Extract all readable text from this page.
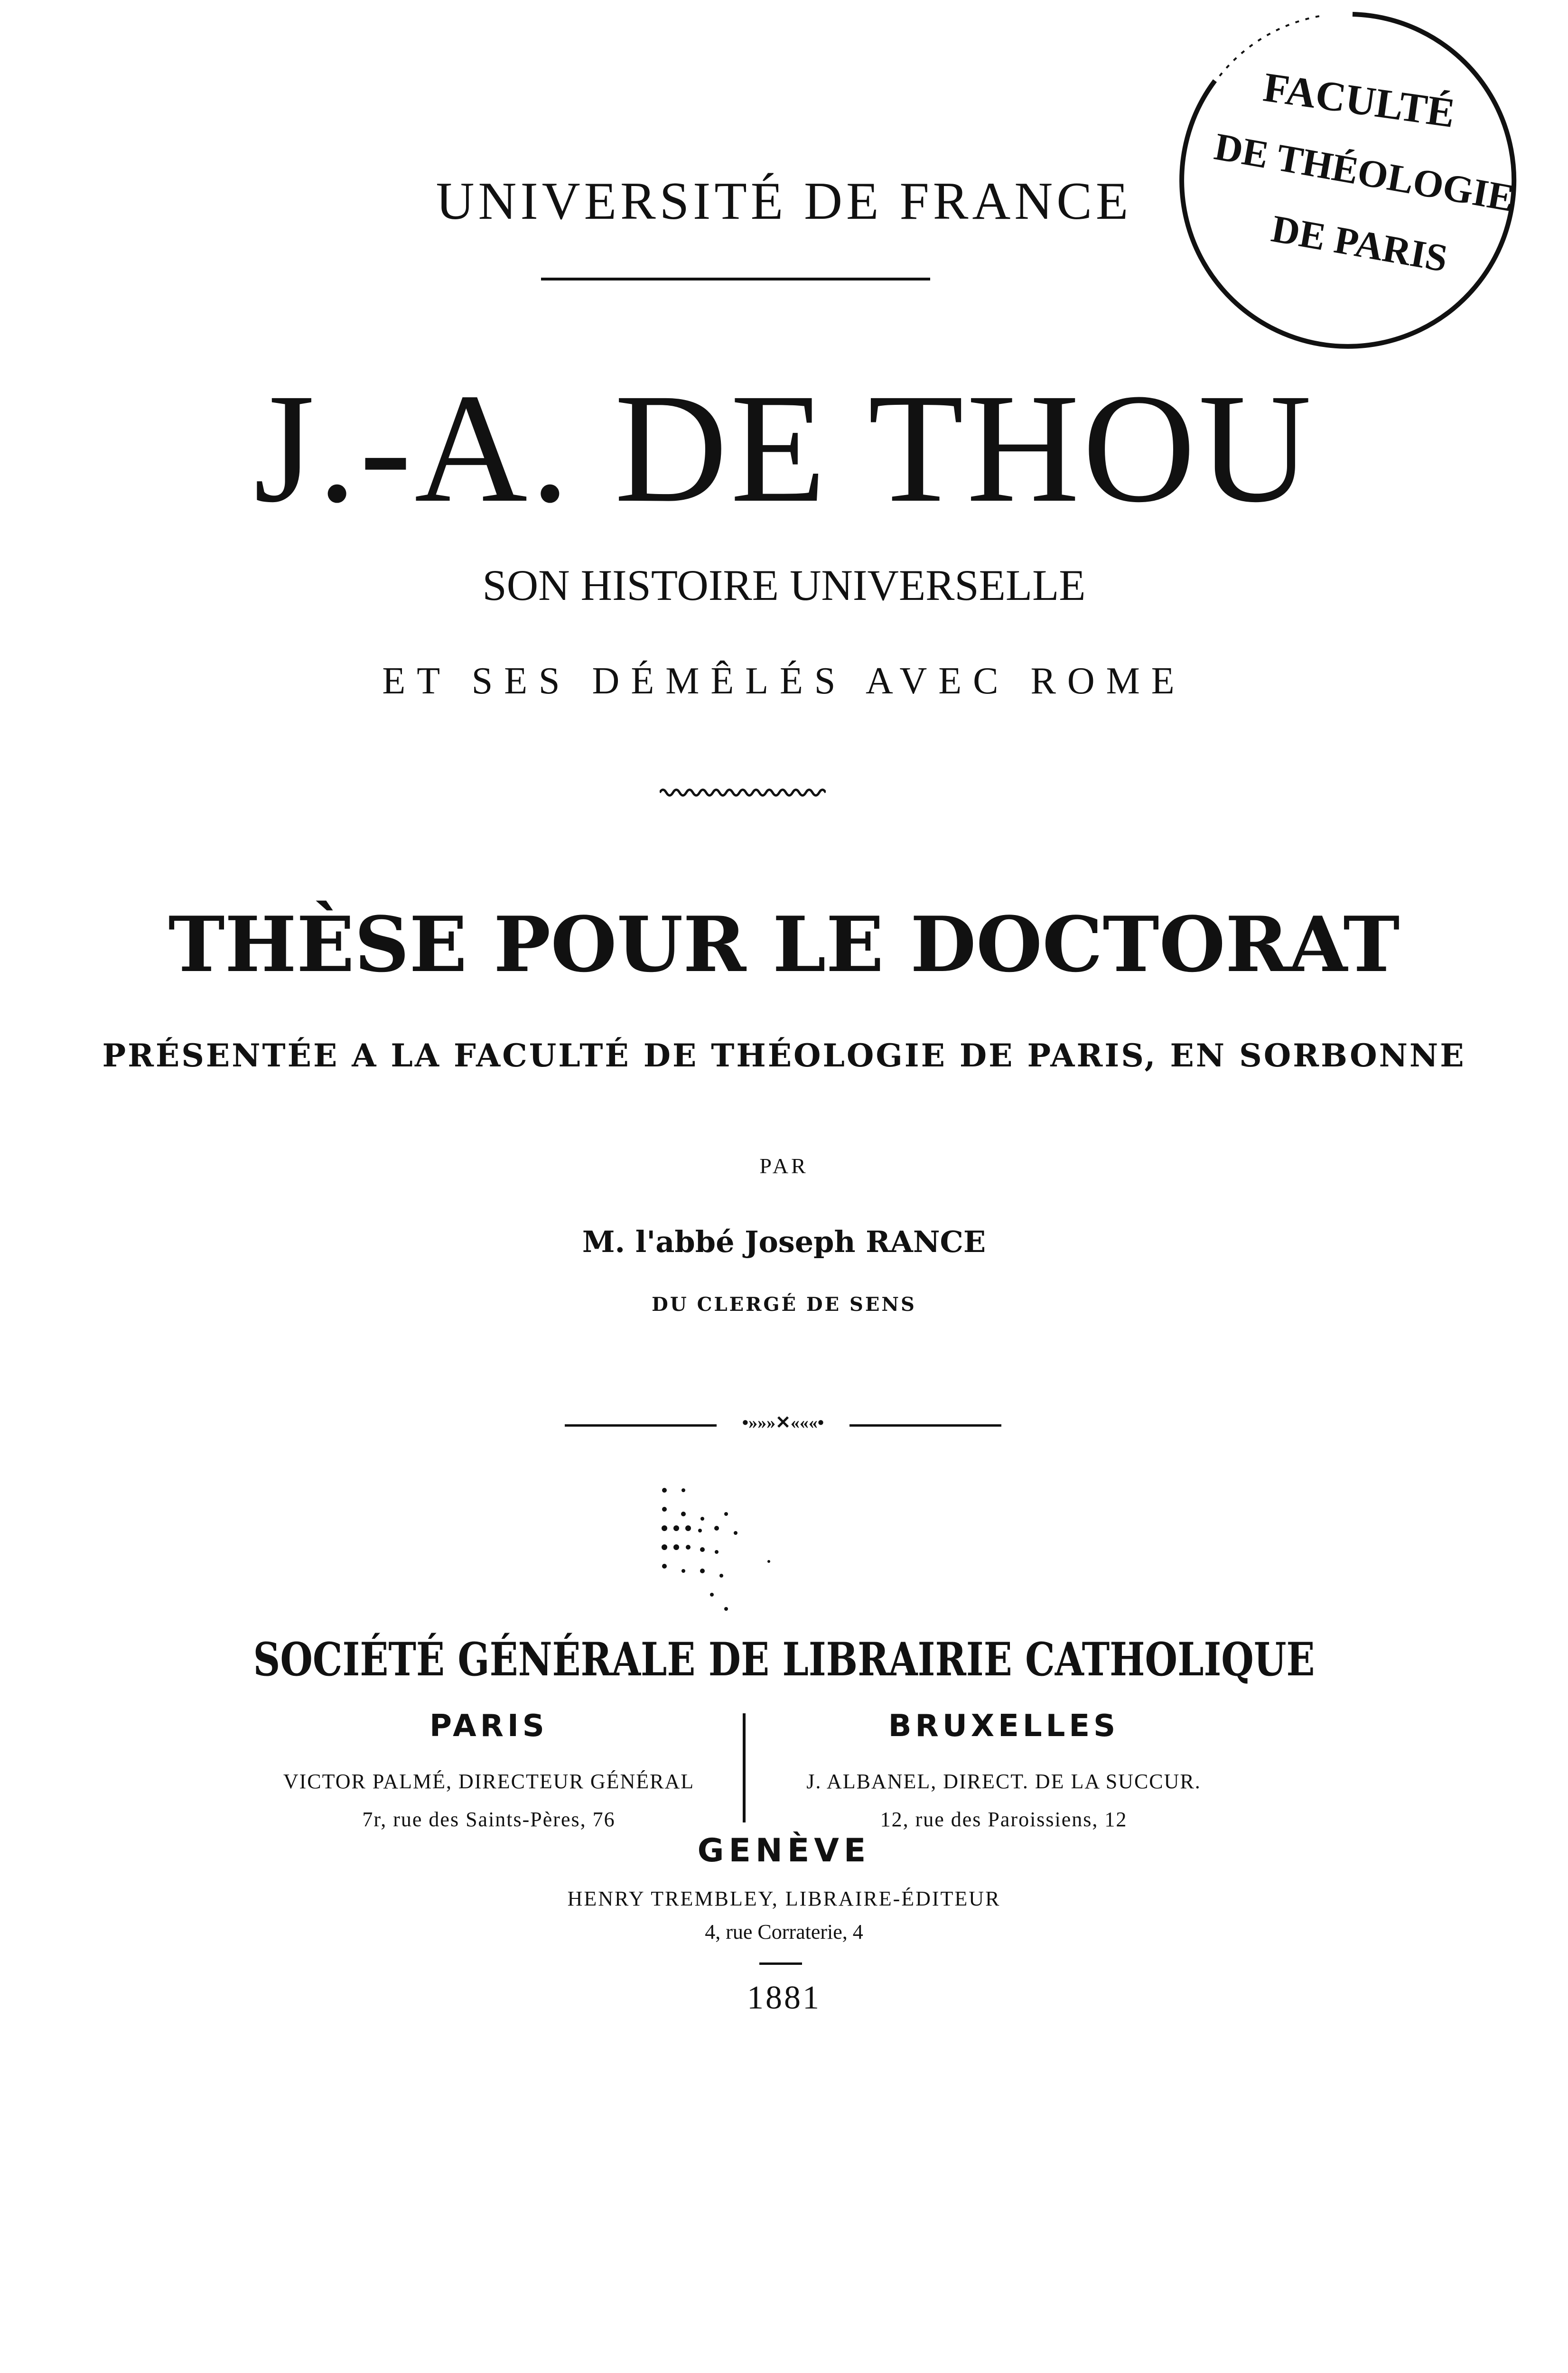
FACULTÉ
DE THÉOLOGIE
DE PARIS
UNIVERSITÉ DE FRANCE
J.-A. DE THOU
SON HISTOIRE UNIVERSELLE
ET SES DÉMÊLÉS AVEC ROME
THÈSE POUR LE DOCTORAT
PRÉSENTÉE A LA FACULTÉ DE THÉOLOGIE DE PARIS, EN SORBONNE
PAR
M. l'abbé Joseph RANCE
DU CLERGÉ DE SENS
•»»»✕«««•
SOCIÉTÉ GÉNÉRALE DE LIBRAIRIE CATHOLIQUE
PARIS
VICTOR PALMÉ, DIRECTEUR GÉNÉRAL
7r, rue des Saints-Pères, 76
BRUXELLES
J. ALBANEL, DIRECT. DE LA SUCCUR.
12, rue des Paroissiens, 12
GENÈVE
HENRY TREMBLEY, LIBRAIRE-ÉDITEUR
4, rue Corraterie, 4
1881
